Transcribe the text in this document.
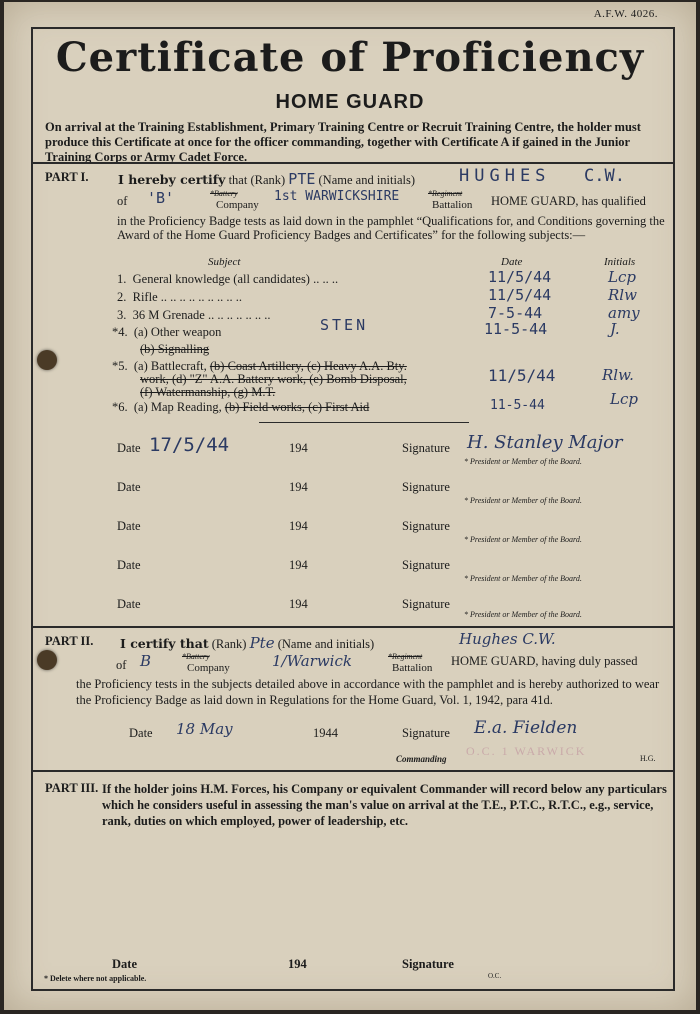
A.F.W. 4026.
Certificate of Proficiency
HOME GUARD
On arrival at the Training Establishment, Primary Training Centre or Recruit Training Centre, the holder must produce this Certificate at once for the officer commanding, together with Certificate A if gained in the Junior Training Corps or Army Cadet Force.
PART I. I hereby certify that (Rank) PTE (Name and initials)	HUGHES C.W.
of 'B'	*Battery
Company
1st WARWICKSHIRE	*Regiment
Battalion HOME GUARD, has qualified
in the Proficiency Badge tests as laid down in the pamphlet “Qualifications for, and Conditions governing the Award of the Home Guard Proficiency Badges and Certificates” for the following subjects:—
Subject	Date	Initials
1. General knowledge (all candidates) .. .. ..	11/5/44	Lcp
2. Rifle .. .. .. .. .. .. .. .. ..	11/5/44	Rlw
3. 36 M Grenade .. .. .. .. .. .. ..	7-5-44	amy
*4. (a) Other weapon	STEN	11-5-44	J.
(b) Signalling
*5. (a) Battlecraft, (b) Coast Artillery, (c) Heavy A.A. Bty.
work, (d) "Z" A.A. Battery work, (e) Bomb Disposal,
(f) Watermanship, (g) M.T.
11/5/44	Rlw.
*6. (a) Map Reading, (b) Field works, (c) First Aid	11-5-44	Lcp
Date 17/5/44	194	Signature H. Stanley Major
* President or Member of the Board.
Date	194	Signature
* President or Member of the Board.
Date	194	Signature
* President or Member of the Board.
Date	194	Signature
* President or Member of the Board.
Date	194	Signature
* President or Member of the Board.
PART II. I certify that (Rank) Pte (Name and initials)	Hughes C.W.
of B	*Battery
Company	1/Warwick	*Regiment
Battalion HOME GUARD, having duly passed
the Proficiency tests in the subjects detailed above in accordance with the pamphlet and is hereby authorized to wear the Proficiency Badge as laid down in Regulations for the Home Guard, Vol. 1, 1942, para 41d.
Date 18 May	1944	Signature E.a. Fielden
Commanding
O.C. 1 WARWICK
H.G.
PART III. If the holder joins H.M. Forces, his Company or equivalent Commander will record below any particulars which he considers useful in assessing the man's value on arrival at the T.E., P.T.C., R.T.C., e.g., service, rank, duties on which employed, power of leadership, etc.
Date	194	Signature
O.C.
* Delete where not applicable.
